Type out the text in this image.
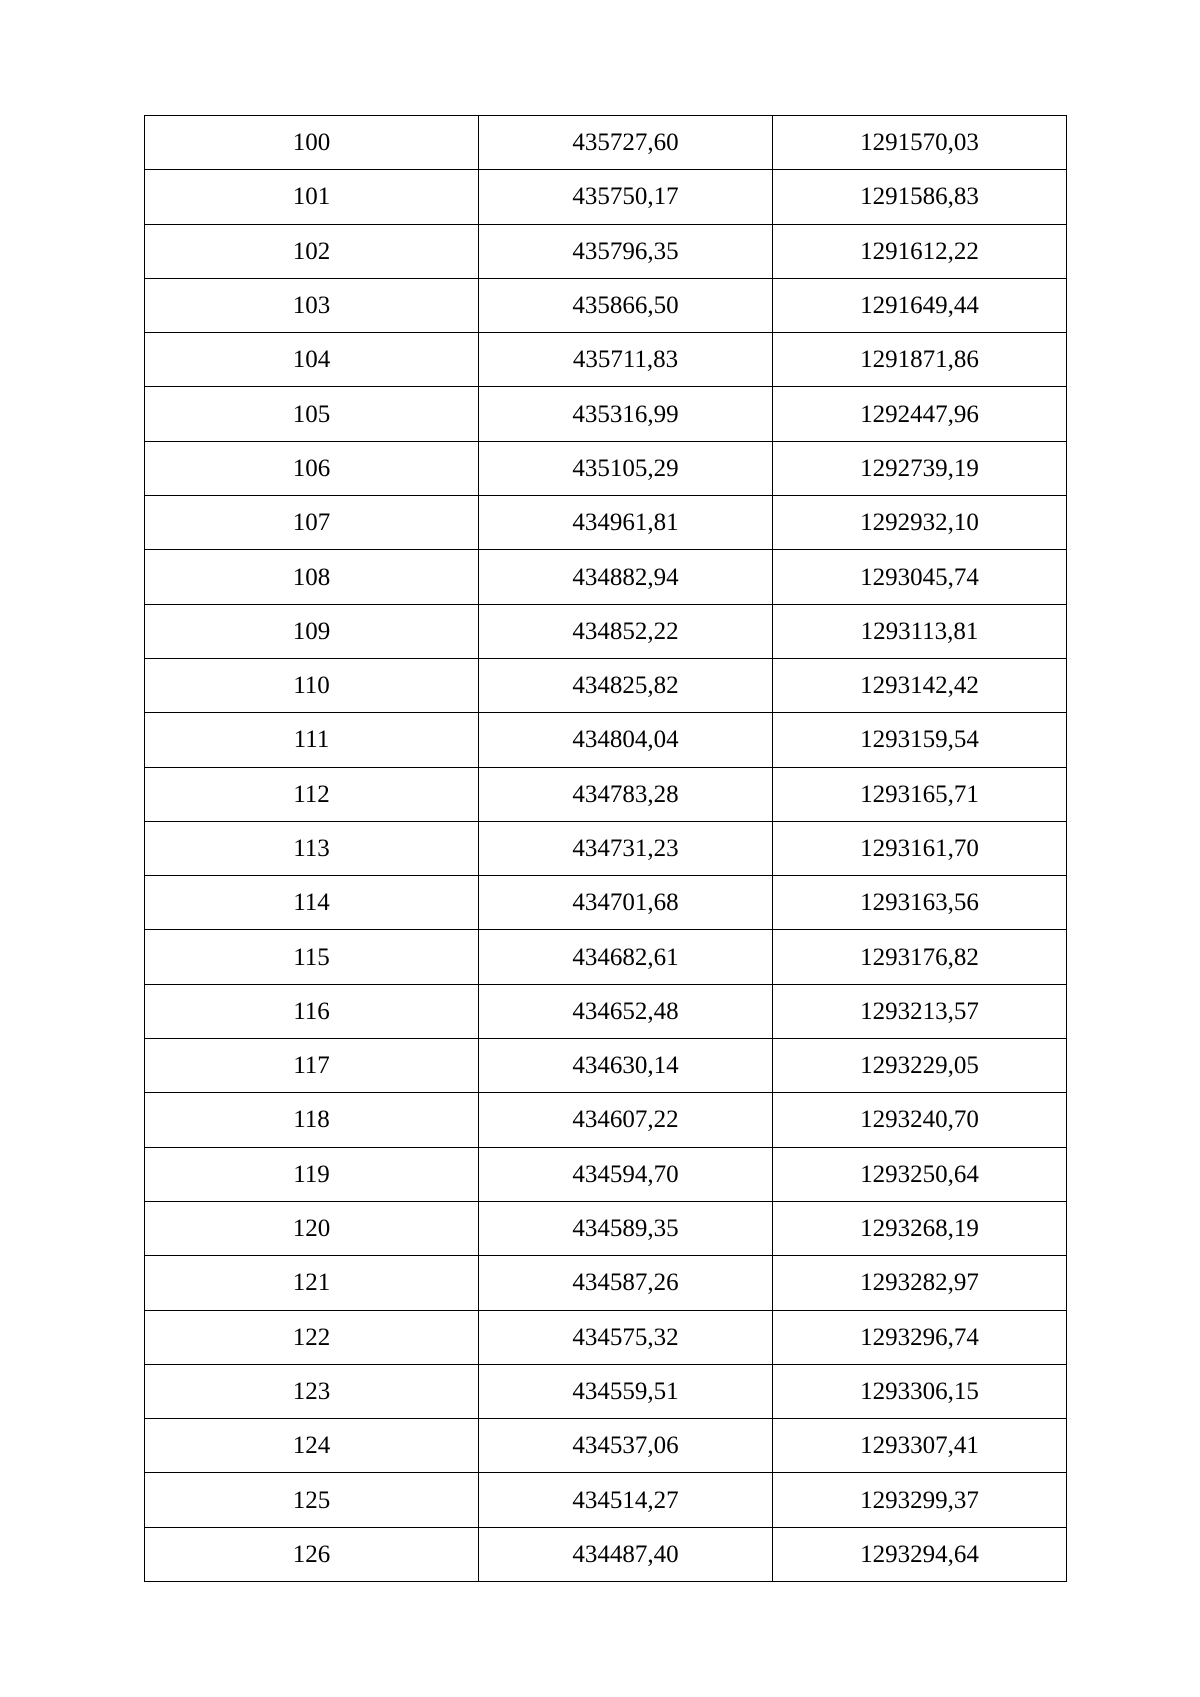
100	435727,60	1291570,03
101	435750,17	1291586,83
102	435796,35	1291612,22
103	435866,50	1291649,44
104	435711,83	1291871,86
105	435316,99	1292447,96
106	435105,29	1292739,19
107	434961,81	1292932,10
108	434882,94	1293045,74
109	434852,22	1293113,81
110	434825,82	1293142,42
111	434804,04	1293159,54
112	434783,28	1293165,71
113	434731,23	1293161,70
114	434701,68	1293163,56
115	434682,61	1293176,82
116	434652,48	1293213,57
117	434630,14	1293229,05
118	434607,22	1293240,70
119	434594,70	1293250,64
120	434589,35	1293268,19
121	434587,26	1293282,97
122	434575,32	1293296,74
123	434559,51	1293306,15
124	434537,06	1293307,41
125	434514,27	1293299,37
126	434487,40	1293294,64
